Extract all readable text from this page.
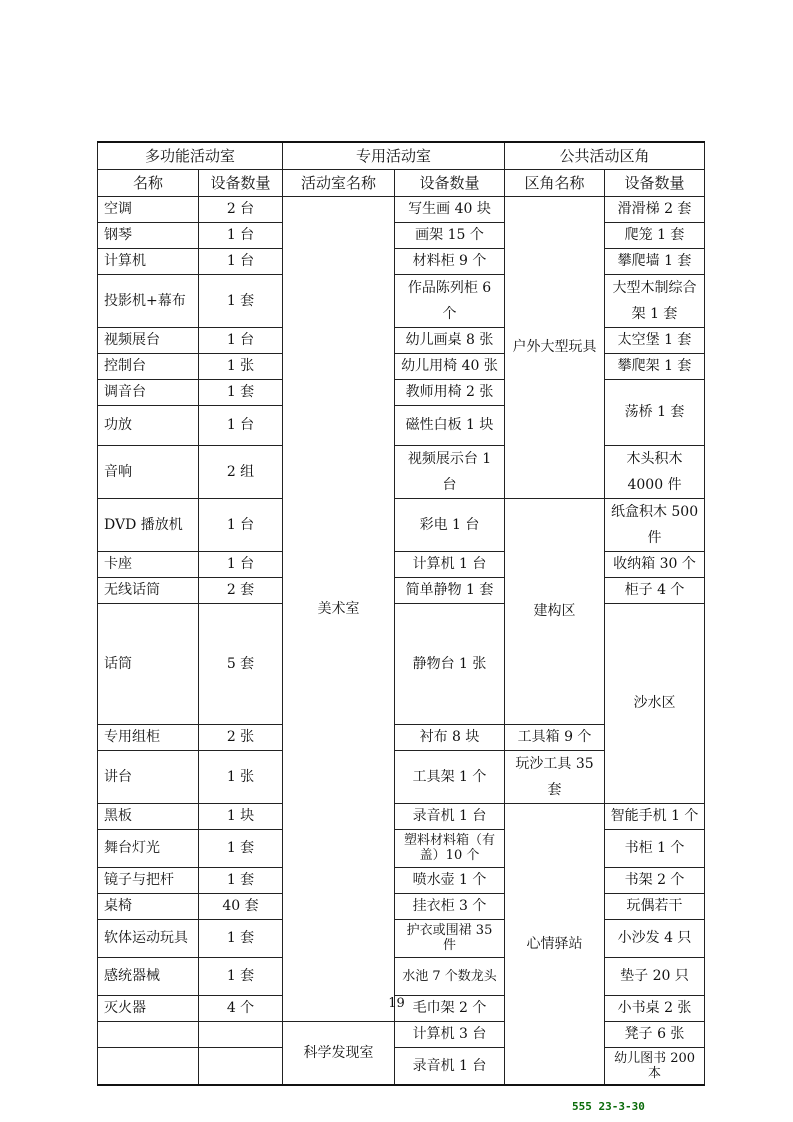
多功能活动室		专用活动室		公共活动区角		
名称	设备数量	活动室名称	设备数量	区角名称	设备数量	
空调	2 台	美术室	写生画 40 块	户外大型玩具	滑滑梯 2 套	
钢琴	1 台		画架 15 个		爬笼 1 套	
计算机	1 台		材料柜 9 个		攀爬墙 1 套	
投影机+幕布	1 套		作品陈列柜 6 个		大型木制综合架 1 套	
视频展台	1 台		幼儿画桌 8 张		太空堡 1 套	
控制台	1 张		幼儿用椅 40 张		攀爬架 1 套	
调音台	1 套		教师用椅 2 张		荡桥 1 套	
功放	1 台		磁性白板 1 块			
音响	2 组		视频展示台 1 台		木头积木 4000 件	
DVD 播放机	1 台		彩电 1 台	建构区	纸盒积木 500 件	
卡座	1 台		计算机 1 台		收纳箱 30 个	
无线话筒	2 套		简单静物 1 套		柜子 4 个	
话筒	5 套		静物台 1 张		沙水区	
专用组柜	2 张		衬布 8 块	工具箱 9 个		
讲台	1 张		工具架 1 个	玩沙工具 35 套		
黑板	1 块		录音机 1 台	心情驿站	智能手机 1 个	
舞台灯光	1 套		塑料材料箱（有盖）10 个		书柜 1 个	
镜子与把杆	1 套		喷水壶 1 个		书架 2 个	
桌椅	40 套		挂衣柜 3 个		玩偶若干	
软体运动玩具	1 套		护衣或围裙 35 件		小沙发 4 只	
感统器械	1 套		水池 7 个数龙头		垫子 20 只	
灭火器	4 个		毛巾架 2 个		小书桌 2 张	
		科学发现室	计算机 3 台		凳子 6 张	
			录音机 1 台		幼儿图书 200 本	
19
555 23-3-30
